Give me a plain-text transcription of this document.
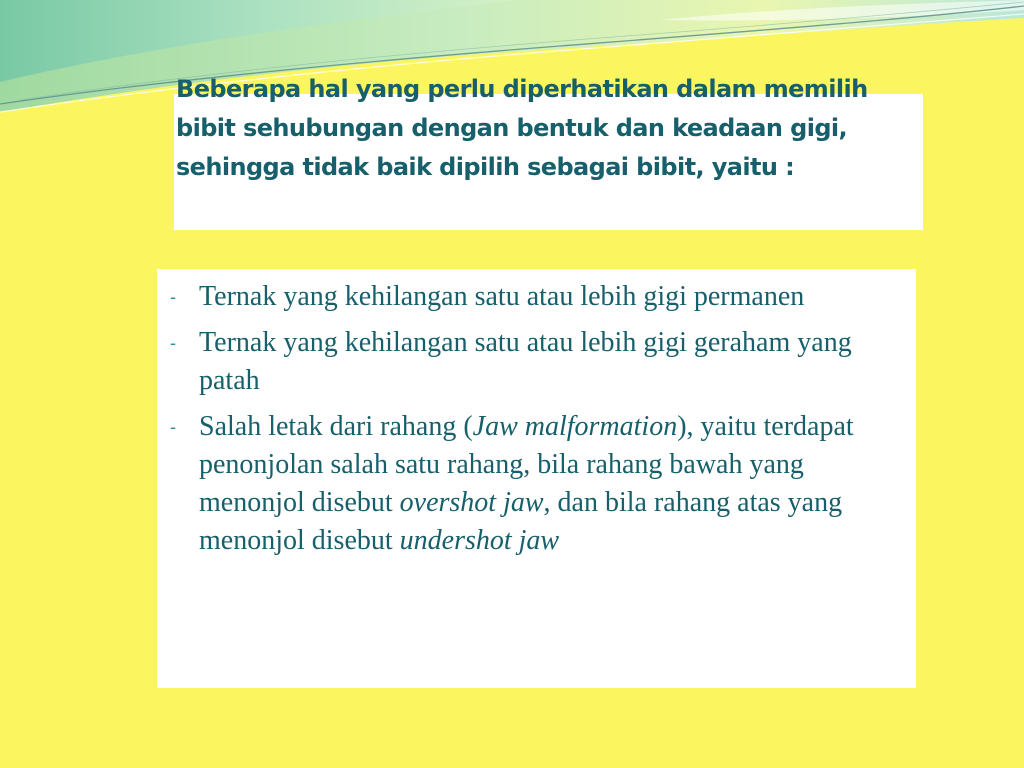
Beberapa hal yang perlu diperhatikan dalam memilih bibit sehubungan dengan bentuk dan keadaan gigi, sehingga tidak baik dipilih sebagai bibit, yaitu :
- Ternak yang kehilangan satu atau lebih gigi permanen
- Ternak yang kehilangan satu atau lebih gigi geraham yang patah
- Salah letak dari rahang (Jaw malformation), yaitu terdapat penonjolan salah satu rahang, bila rahang bawah yang menonjol disebut overshot jaw, dan bila rahang atas yang menonjol disebut undershot jaw
